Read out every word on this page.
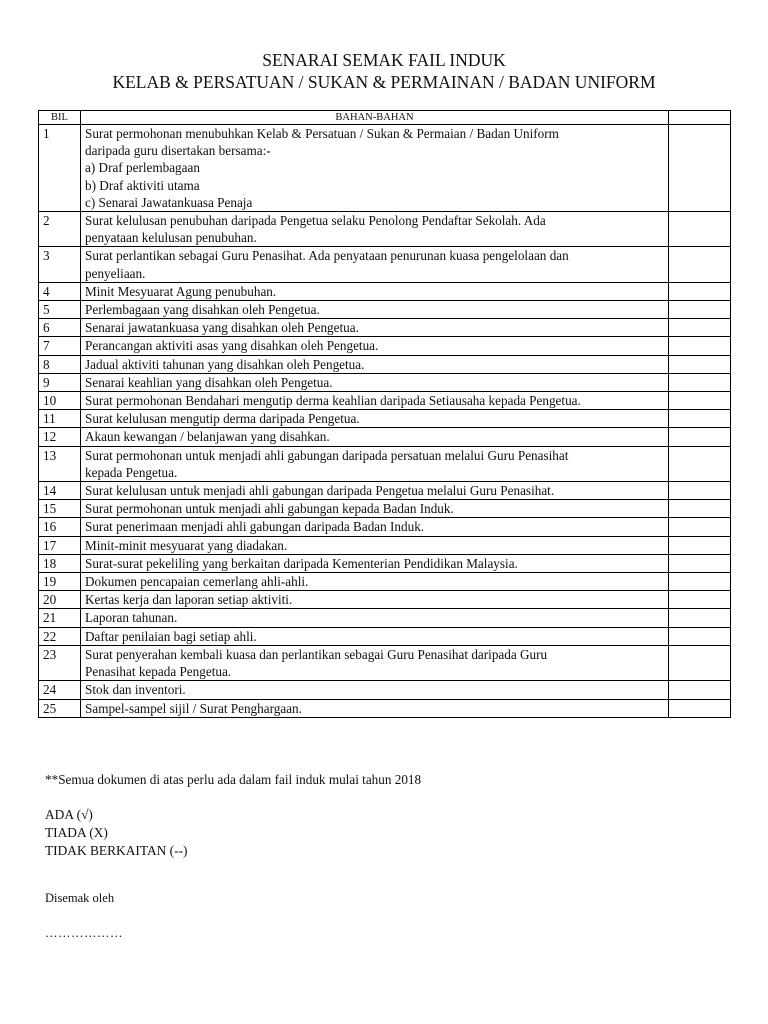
SENARAI SEMAK FAIL INDUK
KELAB & PERSATUAN / SUKAN & PERMAINAN / BADAN UNIFORM
BIL	BAHAN-BAHAN	
1	Surat permohonan menubuhkan Kelab & Persatuan / Sukan & Permaian / Badan Uniform
daripada guru disertakan bersama:-
a) Draf perlembagaan
b) Draf aktiviti utama
c) Senarai Jawatankuasa Penaja	

2	Surat kelulusan penubuhan daripada Pengetua selaku Penolong Pendaftar Sekolah. Ada
penyataan kelulusan penubuhan.	

3	Surat perlantikan sebagai Guru Penasihat. Ada penyataan penurunan kuasa pengelolaan dan
penyeliaan.	

4	Minit Mesyuarat Agung penubuhan.	

5	Perlembagaan yang disahkan oleh Pengetua.	

6	Senarai jawatankuasa yang disahkan oleh Pengetua.	

7	Perancangan aktiviti asas yang disahkan oleh Pengetua.	

8	Jadual aktiviti tahunan yang disahkan oleh Pengetua.	

9	Senarai keahlian yang disahkan oleh Pengetua.	

10	Surat permohonan Bendahari mengutip derma keahlian daripada Setiausaha kepada Pengetua.	

11	Surat kelulusan mengutip derma daripada Pengetua.	

12	Akaun kewangan / belanjawan yang disahkan.	

13	Surat permohonan untuk menjadi ahli gabungan daripada persatuan melalui Guru Penasihat
kepada Pengetua.	

14	Surat kelulusan untuk menjadi ahli gabungan daripada Pengetua melalui Guru Penasihat.	

15	Surat permohonan untuk menjadi ahli gabungan kepada Badan Induk.	

16	Surat penerimaan menjadi ahli gabungan daripada Badan Induk.	

17	Minit-minit mesyuarat yang diadakan.	

18	Surat-surat pekeliling yang berkaitan daripada Kementerian Pendidikan Malaysia.	

19	Dokumen pencapaian cemerlang ahli-ahli.	

20	Kertas kerja dan laporan setiap aktiviti.	

21	Laporan tahunan.	

22	Daftar penilaian bagi setiap ahli.	

23	Surat penyerahan kembali kuasa dan perlantikan sebagai Guru Penasihat daripada Guru
Penasihat kepada Pengetua.	

24	Stok dan inventori.	

25	Sampel-sampel sijil / Surat Penghargaan.	

**Semua dokumen di atas perlu ada dalam fail induk mulai tahun 2018
ADA (√)
TIADA (X)
TIDAK BERKAITAN (--)
Disemak oleh
………………
